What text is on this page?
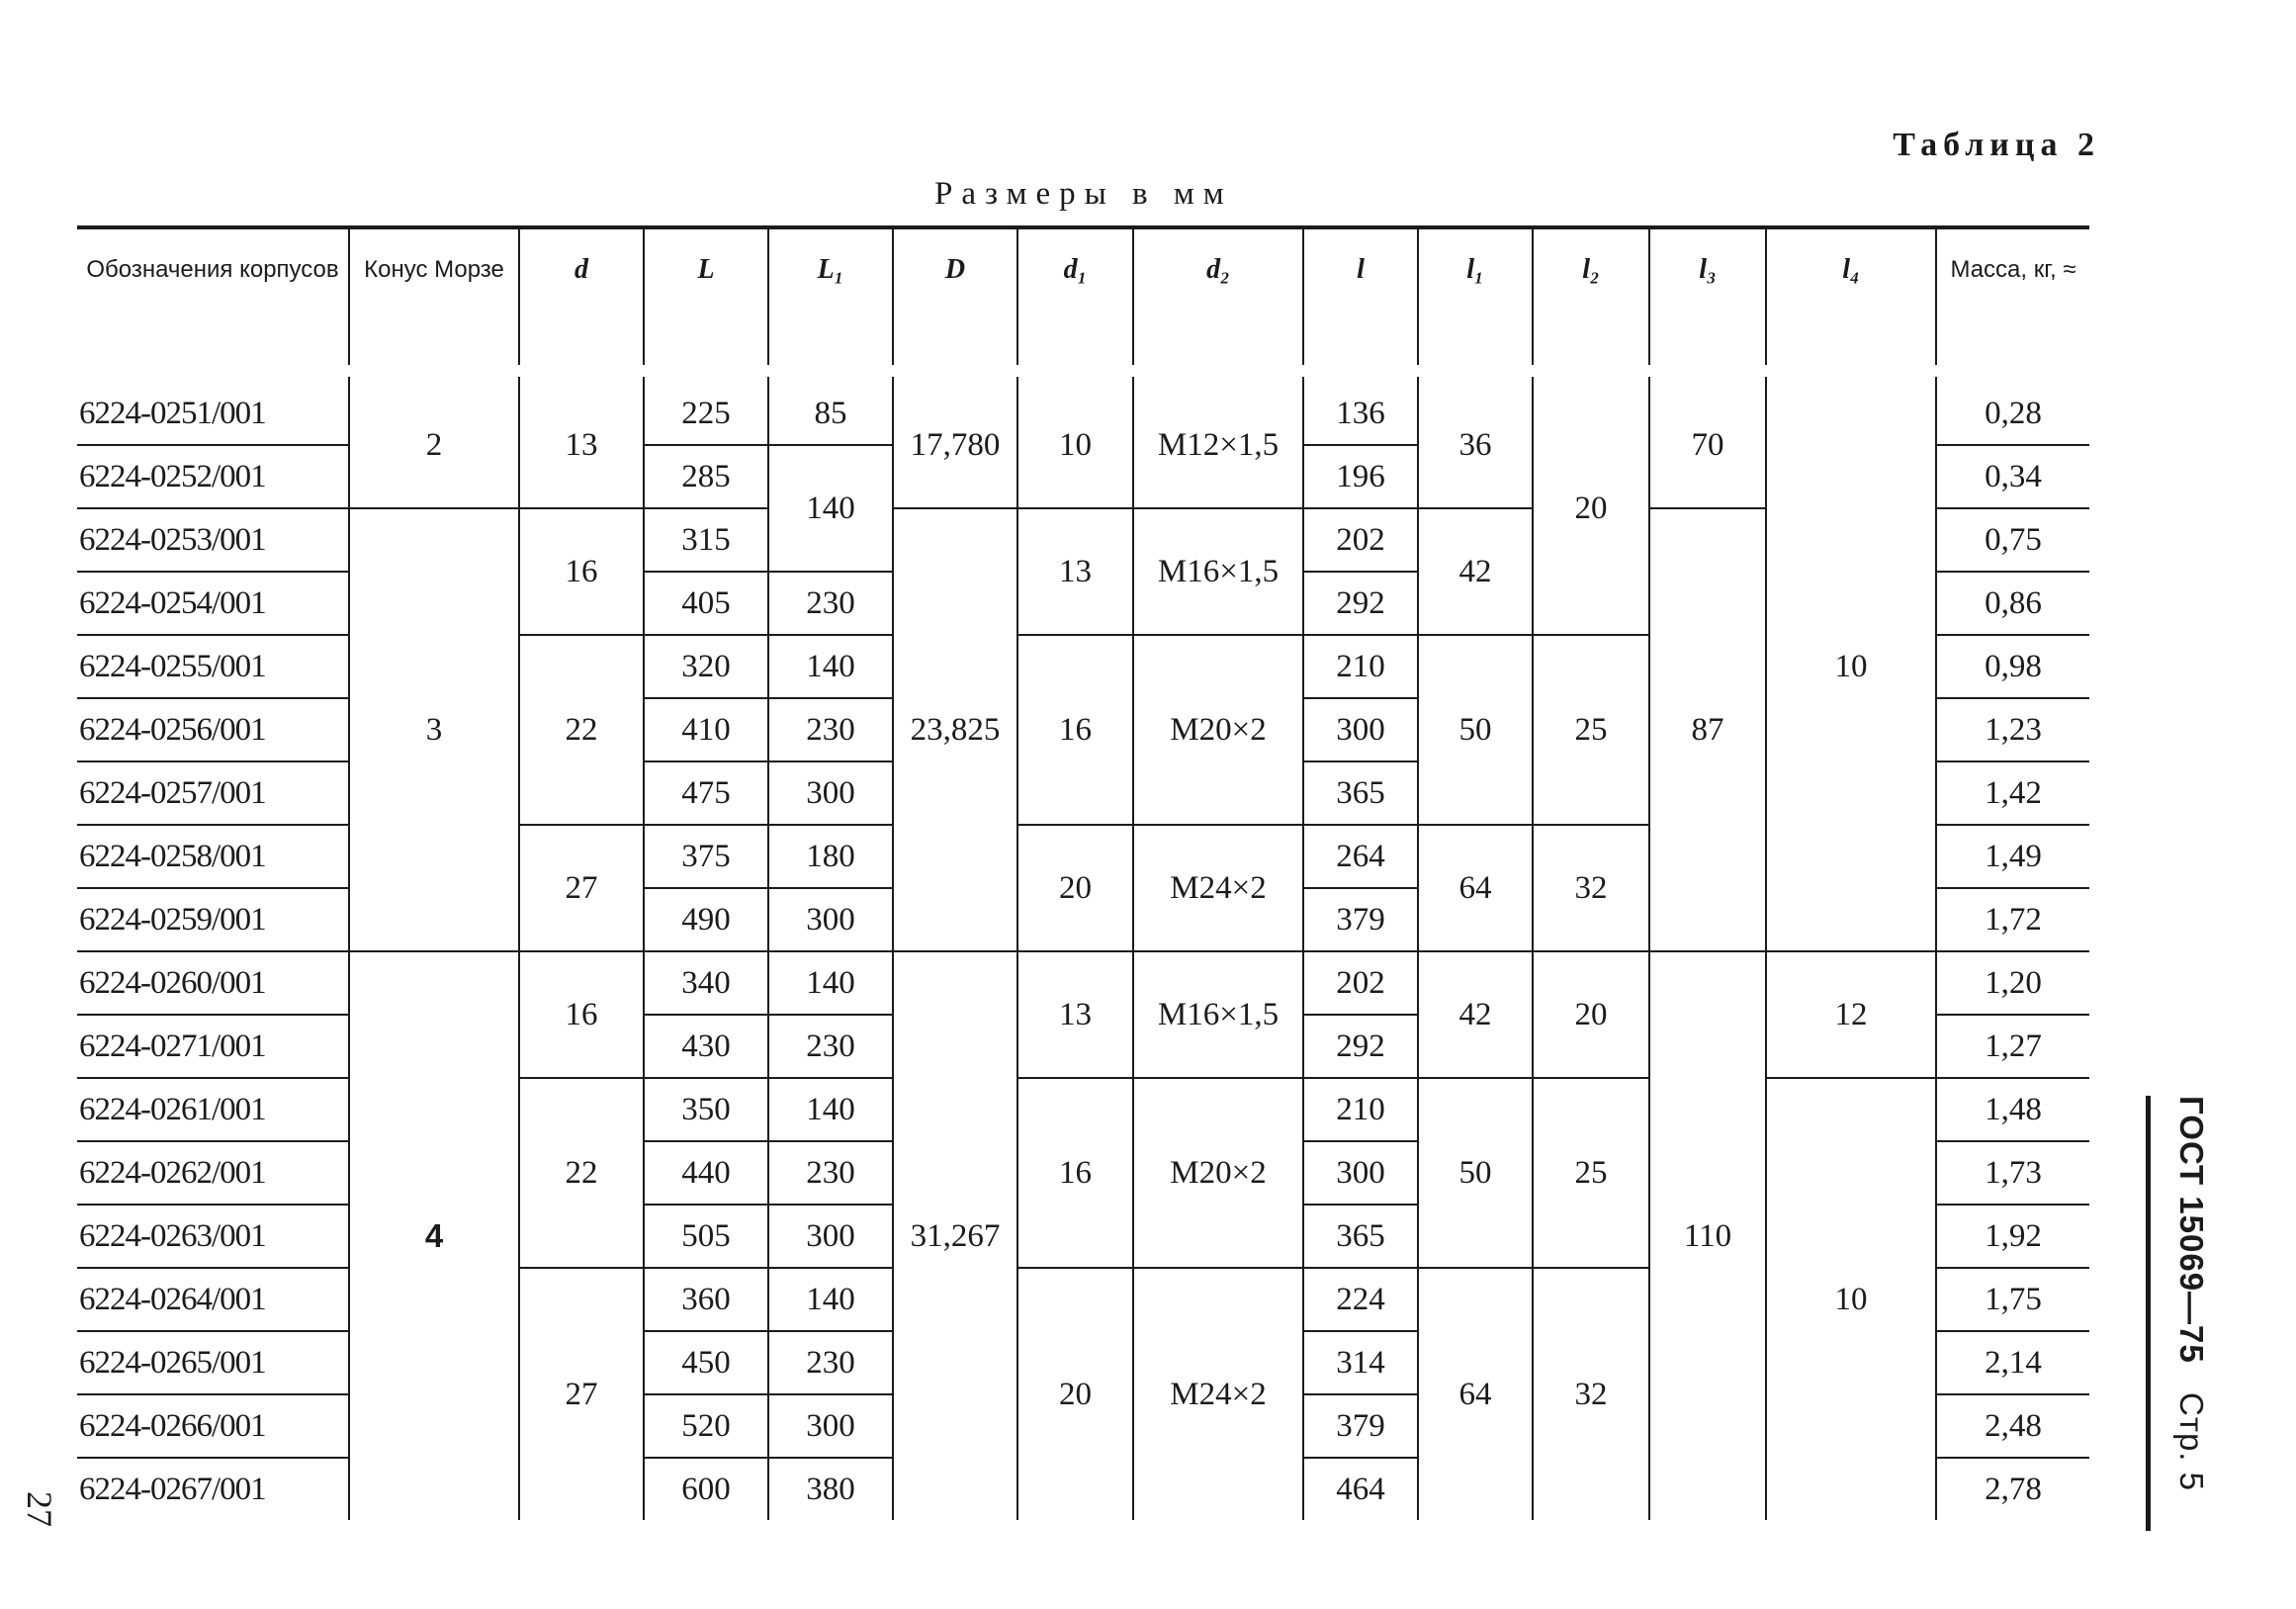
Таблица 2
Размеры в мм
Обозначения корпусов	Конус Морзе	d	L	L₁	D	d₁	d₂	l	l₁	l₂	l₃	l₄	Масса, кг, ≈
6224-0251/001	2	13	225	85	17,780	10	М12×1,5	136	36	20	70	10	0,28
6224-0252/001			285	140				196					0,34
6224-0253/001	3	16	315		23,825	13	М16×1,5	202	42		87		0,75
6224-0254/001			405	230				292					0,86
6224-0255/001		22	320	140		16	М20×2	210	50	25			0,98
6224-0256/001			410	230				300					1,23
6224-0257/001			475	300				365					1,42
6224-0258/001		27	375	180		20	М24×2	264	64	32			1,49
6224-0259/001			490	300				379					1,72
6224-0260/001	4	16	340	140	31,267	13	М16×1,5	202	42	20	110	12	1,20
6224-0271/001			430	230				292					1,27
6224-0261/001		22	350	140		16	М20×2	210	50	25		10	1,48
6224-0262/001			440	230				300					1,73
6224-0263/001			505	300				365					1,92
6224-0264/001		27	360	140		20	М24×2	224	64	32			1,75
6224-0265/001			450	230				314					2,14
6224-0266/001			520	300				379					2,48
6224-0267/001			600	380				464					2,78
27
ГОСТ 15069—75
Стр. 5
